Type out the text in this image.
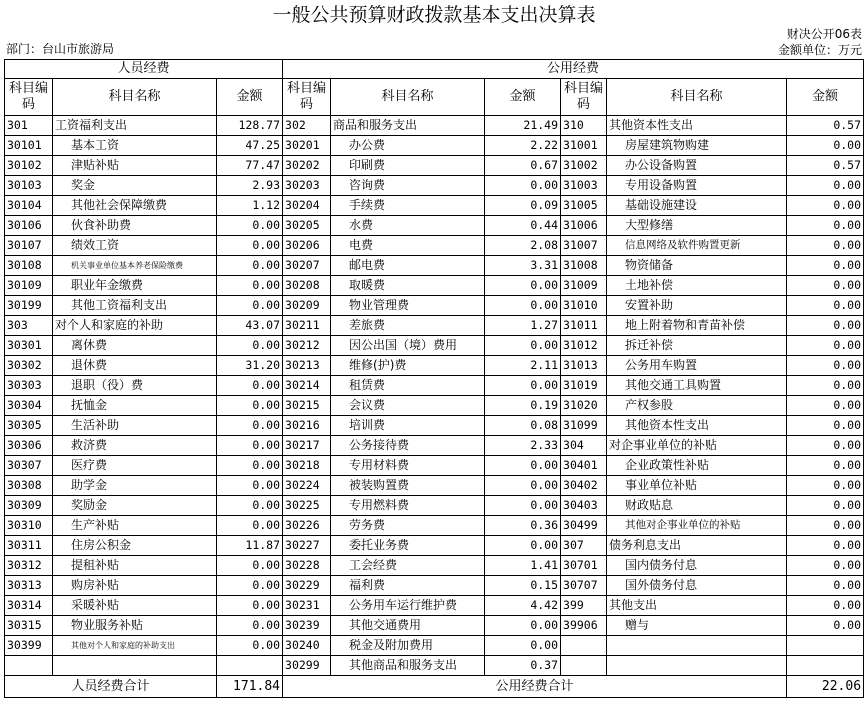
一般公共预算财政拨款基本支出决算表
财决公开06表
金额单位：万元
部门：台山市旅游局
人员经费			公用经费					
科目编码	科目名称	金额	科目编码	科目名称	金额	科目编码	科目名称	金额
301	工资福利支出	128.77	302	商品和服务支出	21.49	310	其他资本性支出	0.57
30101	基本工资	47.25	30201	办公费	2.22	31001	房屋建筑物购建	0.00
30102	津贴补贴	77.47	30202	印刷费	0.67	31002	办公设备购置	0.57
30103	奖金	2.93	30203	咨询费	0.00	31003	专用设备购置	0.00
30104	其他社会保障缴费	1.12	30204	手续费	0.09	31005	基础设施建设	0.00
30106	伙食补助费	0.00	30205	水费	0.44	31006	大型修缮	0.00
30107	绩效工资	0.00	30206	电费	2.08	31007	信息网络及软件购置更新	0.00
30108	机关事业单位基本养老保险缴费	0.00	30207	邮电费	3.31	31008	物资储备	0.00
30109	职业年金缴费	0.00	30208	取暖费	0.00	31009	土地补偿	0.00
30199	其他工资福利支出	0.00	30209	物业管理费	0.00	31010	安置补助	0.00
303	对个人和家庭的补助	43.07	30211	差旅费	1.27	31011	地上附着物和青苗补偿	0.00
30301	离休费	0.00	30212	因公出国（境）费用	0.00	31012	拆迁补偿	0.00
30302	退休费	31.20	30213	维修(护)费	2.11	31013	公务用车购置	0.00
30303	退职（役）费	0.00	30214	租赁费	0.00	31019	其他交通工具购置	0.00
30304	抚恤金	0.00	30215	会议费	0.19	31020	产权参股	0.00
30305	生活补助	0.00	30216	培训费	0.08	31099	其他资本性支出	0.00
30306	救济费	0.00	30217	公务接待费	2.33	304	对企事业单位的补贴	0.00
30307	医疗费	0.00	30218	专用材料费	0.00	30401	企业政策性补贴	0.00
30308	助学金	0.00	30224	被装购置费	0.00	30402	事业单位补贴	0.00
30309	奖励金	0.00	30225	专用燃料费	0.00	30403	财政贴息	0.00
30310	生产补贴	0.00	30226	劳务费	0.36	30499	其他对企事业单位的补贴	0.00
30311	住房公积金	11.87	30227	委托业务费	0.00	307	债务利息支出	0.00
30312	提租补贴	0.00	30228	工会经费	1.41	30701	国内债务付息	0.00
30313	购房补贴	0.00	30229	福利费	0.15	30707	国外债务付息	0.00
30314	采暖补贴	0.00	30231	公务用车运行维护费	4.42	399	其他支出	0.00
30315	物业服务补贴	0.00	30239	其他交通费用	0.00	39906	赠与	0.00
30399	其他对个人和家庭的补助支出	0.00	30240	税金及附加费用	0.00			
			30299	其他商品和服务支出	0.37			
人员经费合计		171.84	公用经费合计					22.06
